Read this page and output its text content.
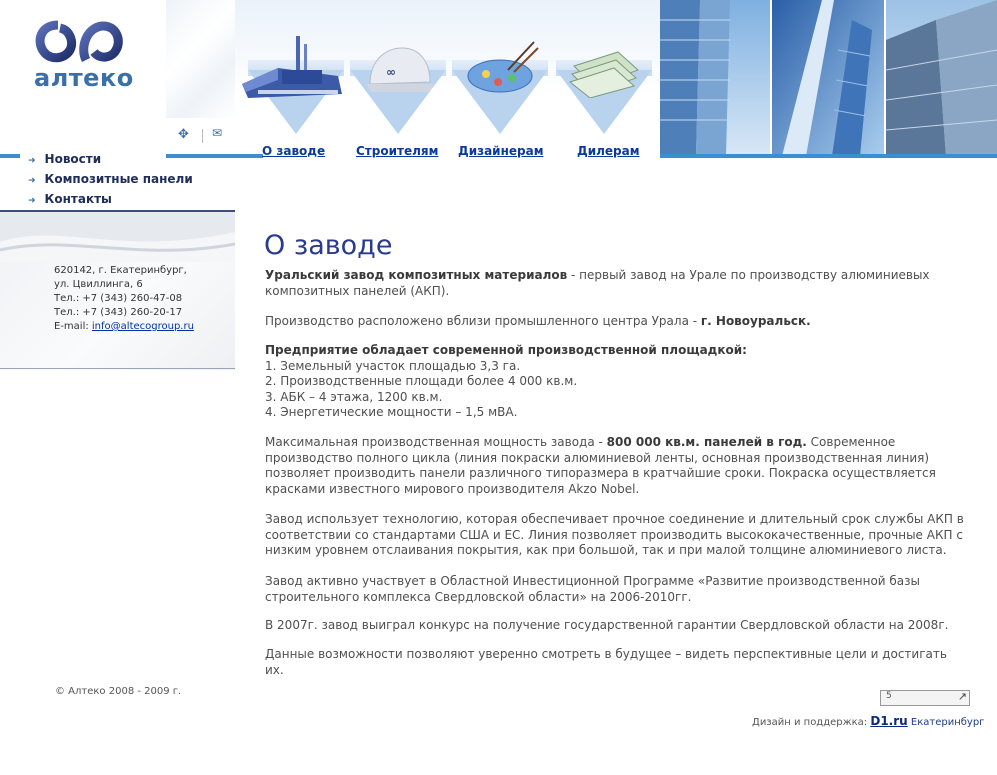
алтеко
✥ ✉
➜ Новости
➜ Композитные панели
➜ Контакты
620142, г. Екатеринбург,
ул. Цвиллинга, 6
Тел.: +7 (343) 260-47-08
Тел.: +7 (343) 260-20-17
E-mail: info@altecogroup.ru
∞
О заводе	Строителям Дизайнерам	Дилерам
О заводе
Уральский завод композитных материалов - первый завод на Урале по производству алюминиевых композитных панелей (АКП).
Производство расположено вблизи промышленного центра Урала - г. Новоуральск.
Предприятие обладает современной производственной площадкой:
1. Земельный участок площадью 3,3 га.
2. Производственные площади более 4 000 кв.м.
3. АБК – 4 этажа, 1200 кв.м.
4. Энергетические мощности – 1,5 мВА.
Максимальная производственная мощность завода - 800 000 кв.м. панелей в год. Современное производство полного цикла (линия покраски алюминиевой ленты, основная производственная линия) позволяет производить панели различного типоразмера в кратчайшие сроки. Покраска осуществляется красками известного мирового производителя Akzo Nobel.
Завод использует технологию, которая обеспечивает прочное соединение и длительный срок службы АКП в соответствии со стандартами США и ЕС. Линия позволяет производить высококачественные, прочные АКП с низким уровнем отслаивания покрытия, как при большой, так и при малой толщине алюминиевого листа.
Завод активно участвует в Областной Инвестиционной Программе «Развитие производственной базы строительного комплекса Свердловской области» на 2006-2010гг.
В 2007г. завод выиграл конкурс на получение государственной гарантии Свердловской области на 2008г.
Данные возможности позволяют уверенно смотреть в будущее – видеть перспективные цели и достигать их.
© Алтеко 2008 - 2009 г.	5	↗
Дизайн и поддержка: D1.ru Екатеринбург
